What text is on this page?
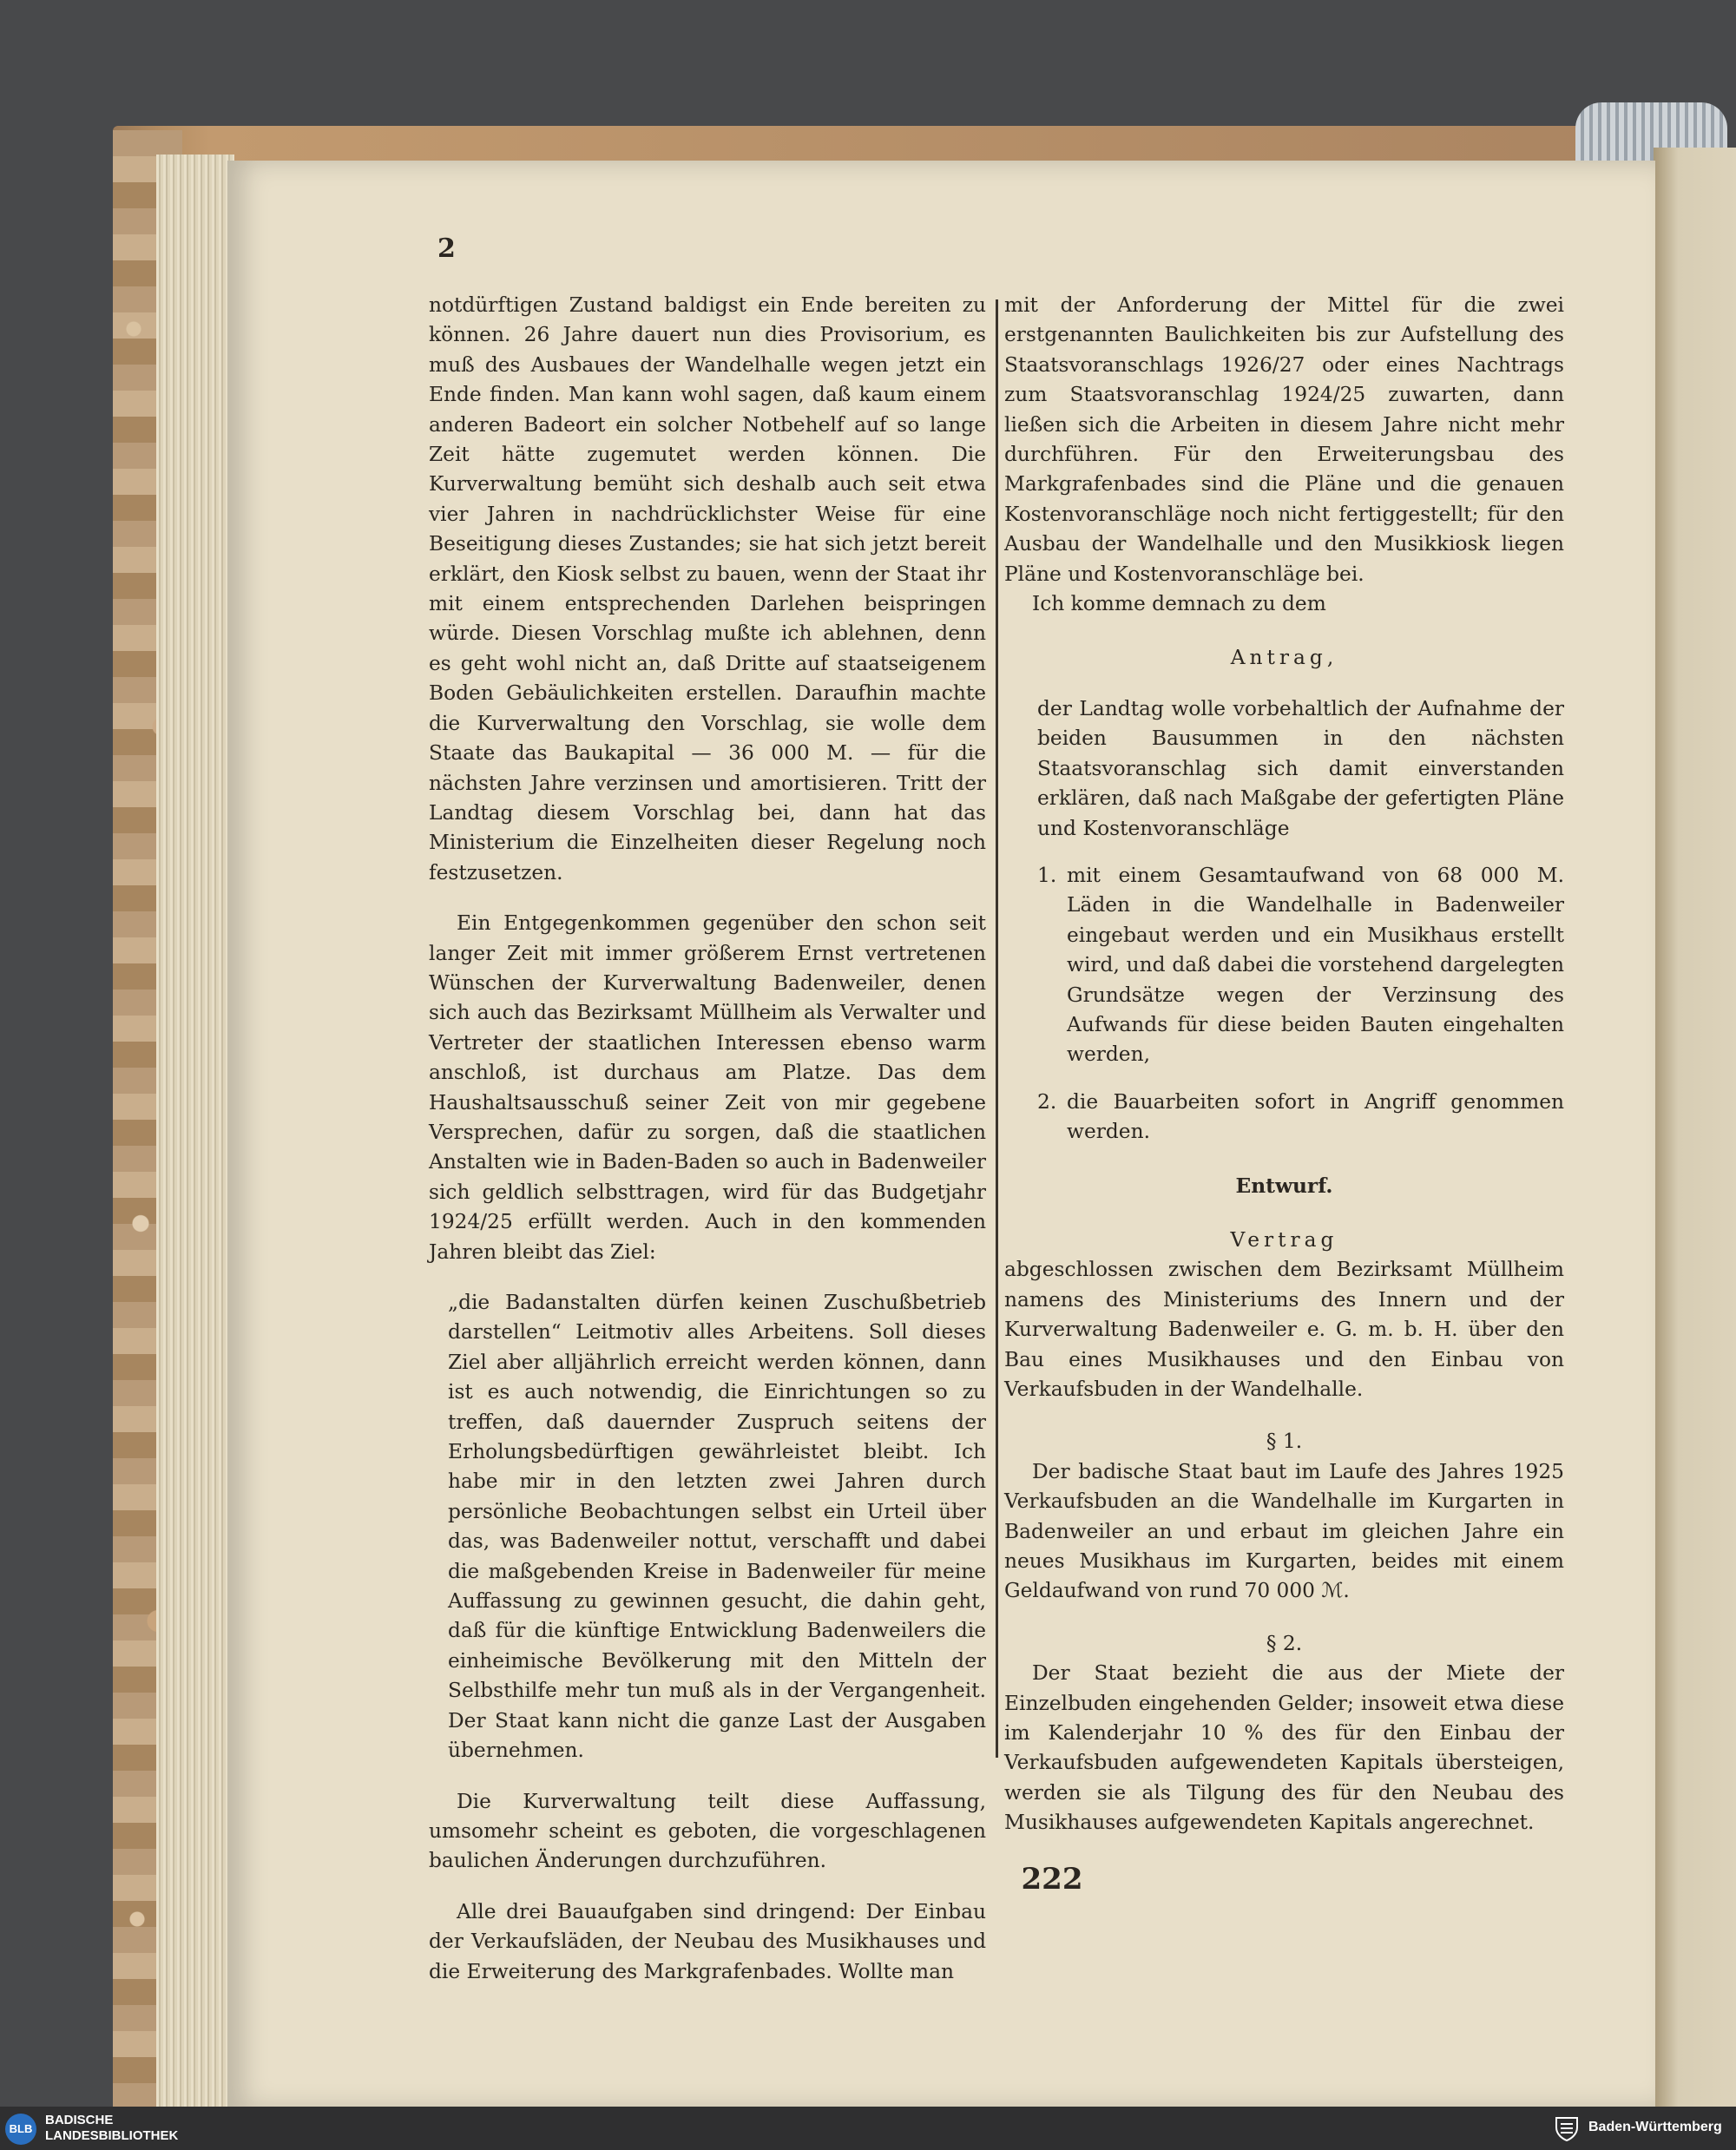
2

notdürftigen Zustand baldigst ein Ende bereiten zu können. 26 Jahre dauert nun dies Provisorium, es muß des Ausbaues der Wandelhalle wegen jetzt ein Ende finden. Man kann wohl sagen, daß kaum einem anderen Badeort ein solcher Notbehelf auf so lange Zeit hätte zugemutet werden können. Die Kurverwaltung bemüht sich deshalb auch seit etwa vier Jahren in nachdrücklichster Weise für eine Beseitigung dieses Zustandes; sie hat sich jetzt bereit erklärt, den Kiosk selbst zu bauen, wenn der Staat ihr mit einem entsprechenden Darlehen beispringen würde. Diesen Vorschlag mußte ich ablehnen, denn es geht wohl nicht an, daß Dritte auf staatseigenem Boden Gebäulichkeiten erstellen. Daraufhin machte die Kurverwaltung den Vorschlag, sie wolle dem Staate das Baukapital — 36 000 M. — für die nächsten Jahre verzinsen und amortisieren. Tritt der Landtag diesem Vorschlag bei, dann hat das Ministerium die Einzelheiten dieser Regelung noch festzusetzen.

Ein Entgegenkommen gegenüber den schon seit langer Zeit mit immer größerem Ernst vertretenen Wünschen der Kurverwaltung Badenweiler, denen sich auch das Bezirksamt Müllheim als Verwalter und Vertreter der staatlichen Interessen ebenso warm anschloß, ist durchaus am Platze. Das dem Haushaltsausschuß seiner Zeit von mir gegebene Versprechen, dafür zu sorgen, daß die staatlichen Anstalten wie in Baden-Baden so auch in Badenweiler sich geldlich selbsttragen, wird für das Budgetjahr 1924/25 erfüllt werden. Auch in den kommenden Jahren bleibt das Ziel:

„die Badanstalten dürfen keinen Zuschußbetrieb darstellen“ Leitmotiv alles Arbeitens. Soll dieses Ziel aber alljährlich erreicht werden können, dann ist es auch notwendig, die Einrichtungen so zu treffen, daß dauernder Zuspruch seitens der Erholungsbedürftigen gewährleistet bleibt. Ich habe mir in den letzten zwei Jahren durch persönliche Beobachtungen selbst ein Urteil über das, was Badenweiler nottut, verschafft und dabei die maßgebenden Kreise in Badenweiler für meine Auffassung zu gewinnen gesucht, die dahin geht, daß für die künftige Entwicklung Badenweilers die einheimische Bevölkerung mit den Mitteln der Selbsthilfe mehr tun muß als in der Vergangenheit. Der Staat kann nicht die ganze Last der Ausgaben übernehmen.

Die Kurverwaltung teilt diese Auffassung, umsomehr scheint es geboten, die vorgeschlagenen baulichen Änderungen durchzuführen.

Alle drei Bauaufgaben sind dringend: Der Einbau der Verkaufsläden, der Neubau des Musikhauses und die Erweiterung des Markgrafenbades. Wollte man

mit der Anforderung der Mittel für die zwei erstgenannten Baulichkeiten bis zur Aufstellung des Staatsvoranschlags 1926/27 oder eines Nachtrags zum Staatsvoranschlag 1924/25 zuwarten, dann ließen sich die Arbeiten in diesem Jahre nicht mehr durchführen. Für den Erweiterungsbau des Markgrafenbades sind die Pläne und die genauen Kostenvoranschläge noch nicht fertiggestellt; für den Ausbau der Wandelhalle und den Musikkiosk liegen Pläne und Kostenvoranschläge bei.

Ich komme demnach zu dem

Antrag,

der Landtag wolle vorbehaltlich der Aufnahme der beiden Bausummen in den nächsten Staatsvoranschlag sich damit einverstanden erklären, daß nach Maßgabe der gefertigten Pläne und Kostenvoranschläge

1. mit einem Gesamtaufwand von 68 000 M. Läden in die Wandelhalle in Badenweiler eingebaut werden und ein Musikhaus erstellt wird, und daß dabei die vorstehend dargelegten Grundsätze wegen der Verzinsung des Aufwands für diese beiden Bauten eingehalten werden,
2. die Bauarbeiten sofort in Angriff genommen werden.

Entwurf.

Vertrag

abgeschlossen zwischen dem Bezirksamt Müllheim namens des Ministeriums des Innern und der Kurverwaltung Badenweiler e. G. m. b. H. über den Bau eines Musikhauses und den Einbau von Verkaufsbuden in der Wandelhalle.

§ 1.

Der badische Staat baut im Laufe des Jahres 1925 Verkaufsbuden an die Wandelhalle im Kurgarten in Badenweiler an und erbaut im gleichen Jahre ein neues Musikhaus im Kurgarten, beides mit einem Geldaufwand von rund 70 000 ℳ.

§ 2.

Der Staat bezieht die aus der Miete der Einzelbuden eingehenden Gelder; insoweit etwa diese im Kalenderjahr 10 % des für den Einbau der Verkaufsbuden aufgewendeten Kapitals übersteigen, werden sie als Tilgung des für den Neubau des Musikhauses aufgewendeten Kapitals angerechnet.

222
BLB
BADISCHE
LANDESBIBLIOTHEK
Baden-Württemberg
